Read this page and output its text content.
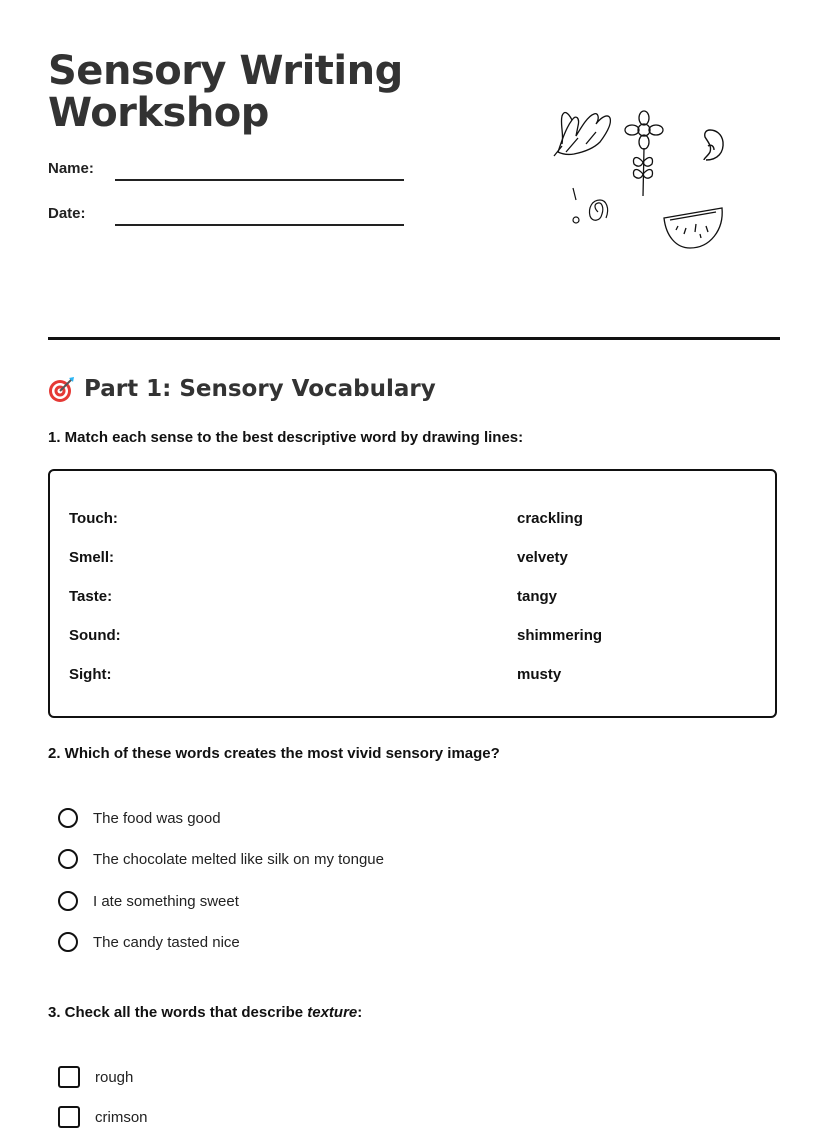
Sensory Writing
Workshop
Name:
Date:
Part 1: Sensory Vocabulary
1. Match each sense to the best descriptive word by drawing lines:
Touch:
Smell:
Taste:
Sound:
Sight:
crackling
velvety
tangy
shimmering
musty
2. Which of these words creates the most vivid sensory image?
The food was good
The chocolate melted like silk on my tongue
I ate something sweet
The candy tasted nice
3. Check all the words that describe texture:
rough
crimson
